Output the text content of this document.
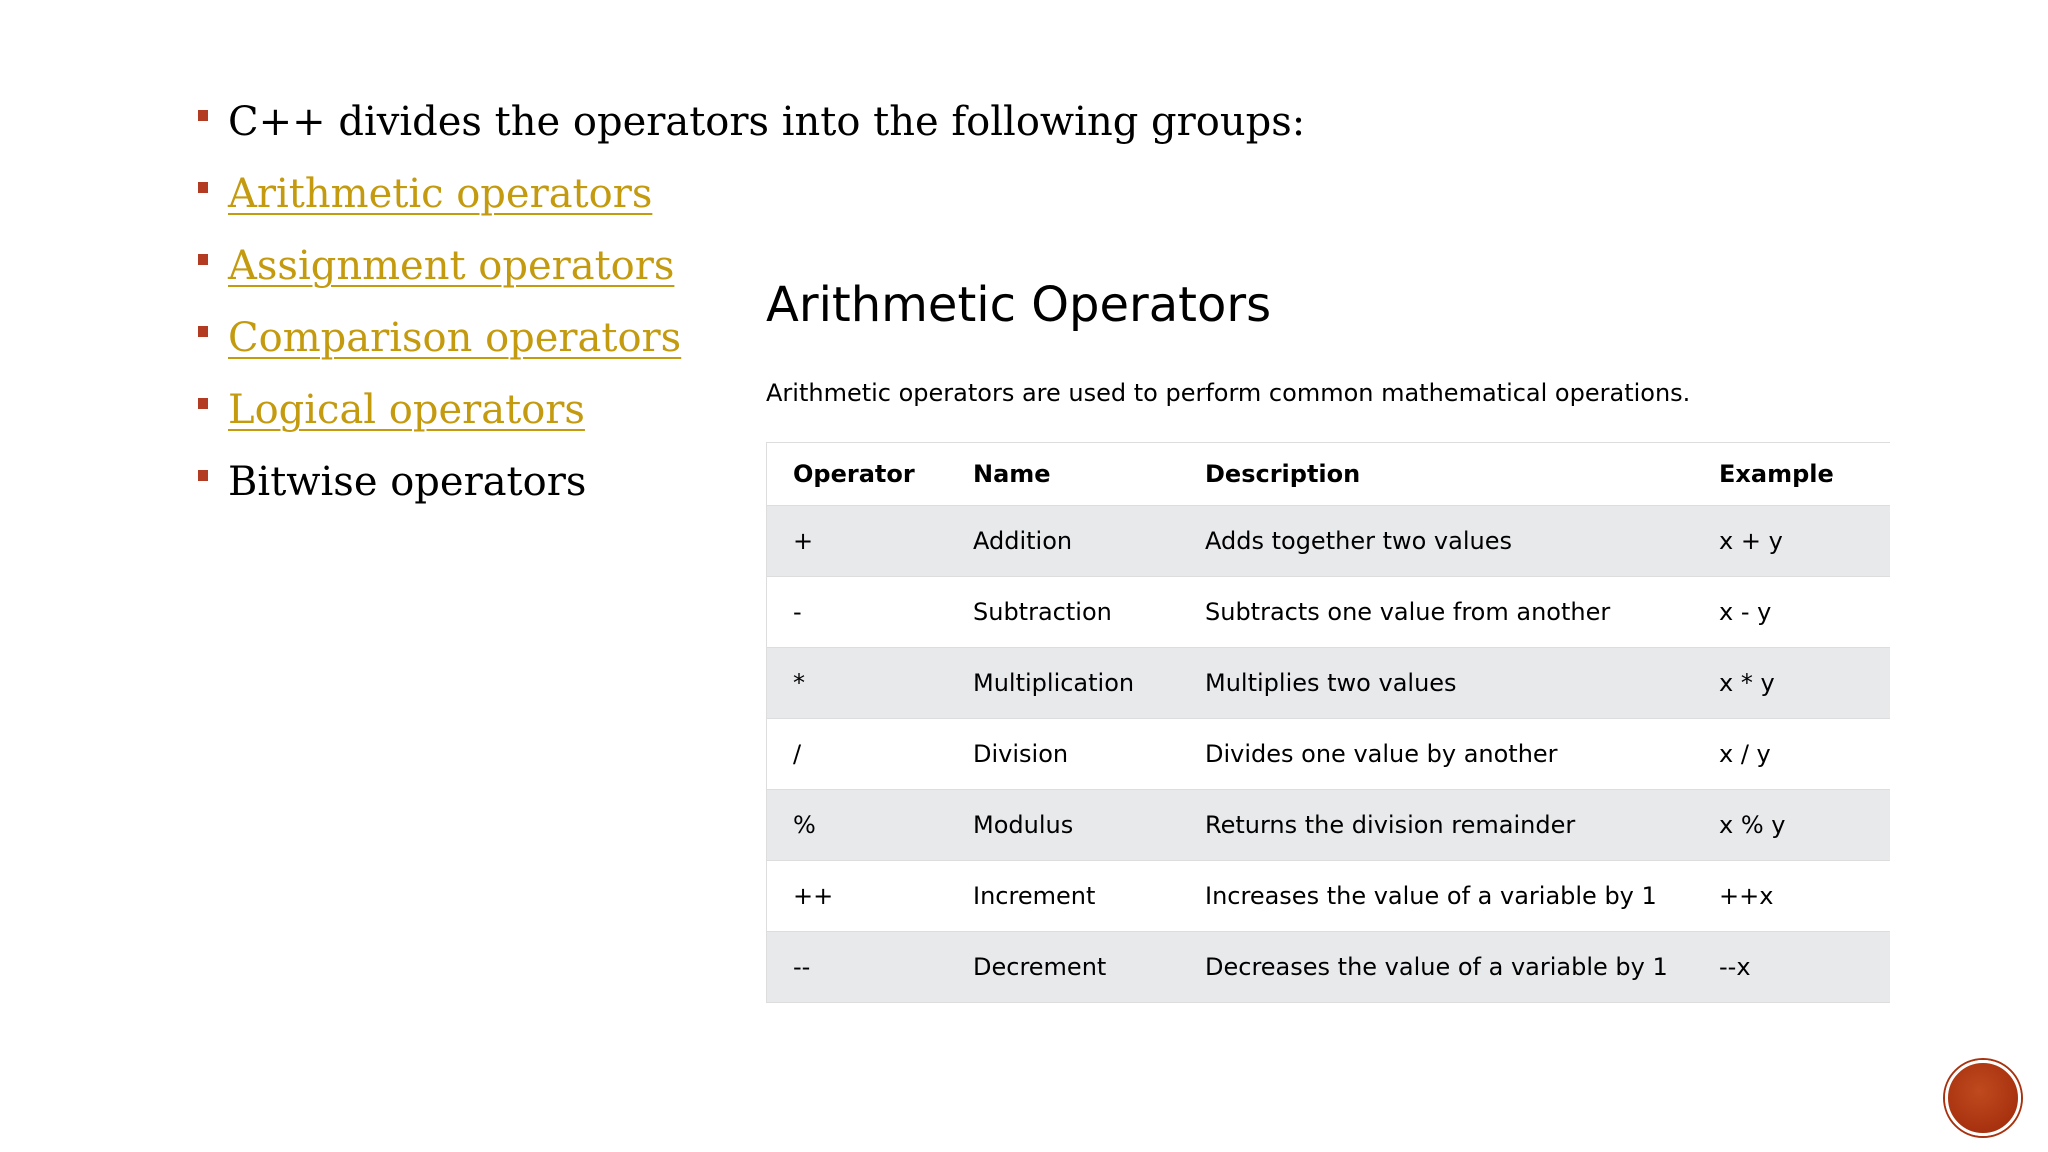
C++ divides the operators into the following groups:
Arithmetic operators
Assignment operators
Comparison operators
Logical operators
Bitwise operators
Arithmetic Operators

Arithmetic operators are used to perform common mathematical operations.

Operator	Name	Description	Example
+	Addition	Adds together two values	x + y
-	Subtraction	Subtracts one value from another	x - y
*	Multiplication	Multiplies two values	x * y
/	Division	Divides one value by another	x / y
%	Modulus	Returns the division remainder	x % y
++	Increment	Increases the value of a variable by 1	++x
--	Decrement	Decreases the value of a variable by 1	--x
